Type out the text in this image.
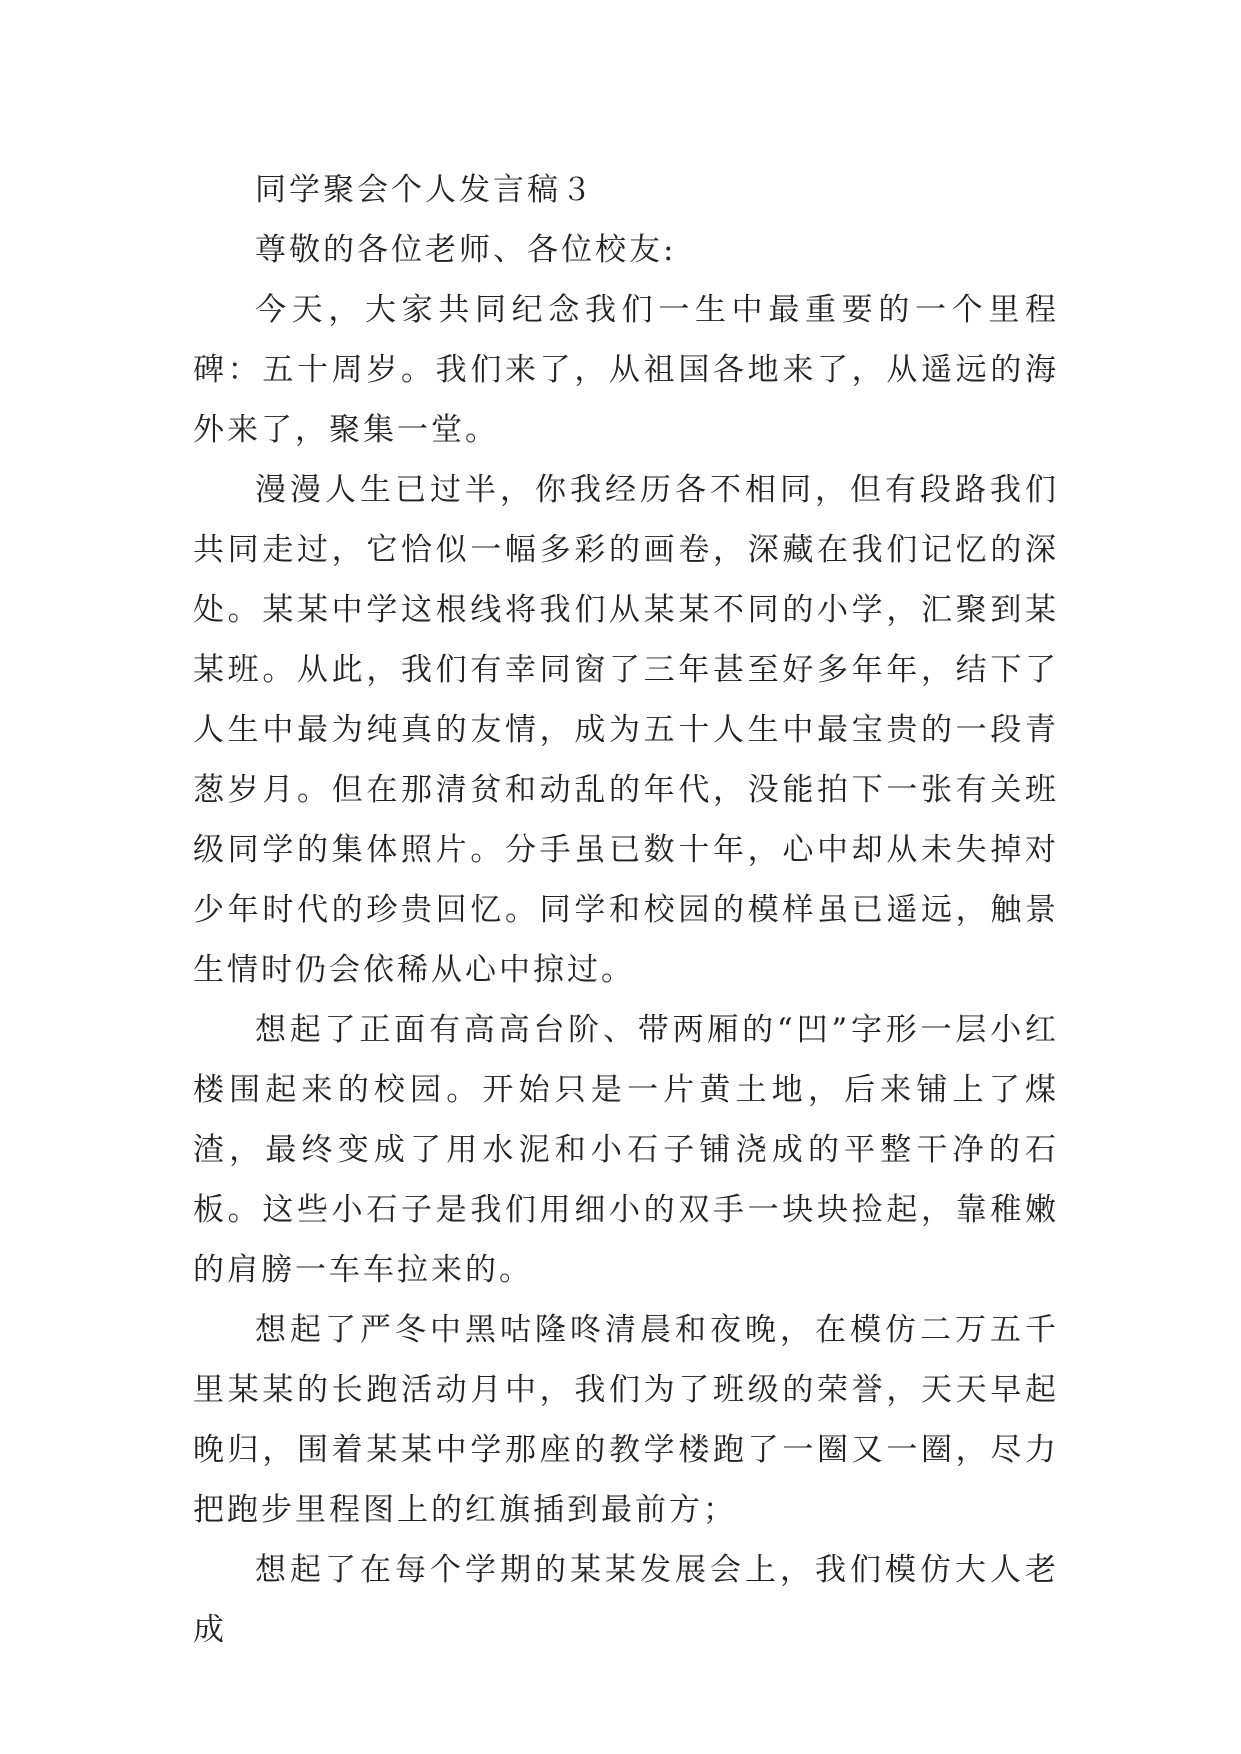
同学聚会个人发言稿３

尊敬的各位老师、各位校友:

今天，大家共同纪念我们一生中最重要的一个里程碑：五十周岁。我们来了，从祖国各地来了，从遥远的海外来了，聚集一堂。

漫漫人生已过半，你我经历各不相同，但有段路我们共同走过，它恰似一幅多彩的画卷，深藏在我们记忆的深处。某某中学这根线将我们从某某不同的小学，汇聚到某某班。从此，我们有幸同窗了三年甚至好多年年，结下了人生中最为纯真的友情，成为五十人生中最宝贵的一段青葱岁月。但在那清贫和动乱的年代，没能拍下一张有关班级同学的集体照片。分手虽已数十年，心中却从未失掉对少年时代的珍贵回忆。同学和校园的模样虽已遥远，触景生情时仍会依稀从心中掠过。

想起了正面有高高台阶、带两厢的“凹”字形一层小红楼围起来的校园。开始只是一片黄土地，后来铺上了煤渣，最终变成了用水泥和小石子铺浇成的平整干净的石板。这些小石子是我们用细小的双手一块块捡起，靠稚嫩的肩膀一车车拉来的。

想起了严冬中黑咕隆咚清晨和夜晚，在模仿二万五千里某某的长跑活动月中，我们为了班级的荣誉，天天早起晚归，围着某某中学那座的教学楼跑了一圈又一圈，尽力把跑步里程图上的红旗插到最前方；

想起了在每个学期的某某发展会上，我们模仿大人老成
